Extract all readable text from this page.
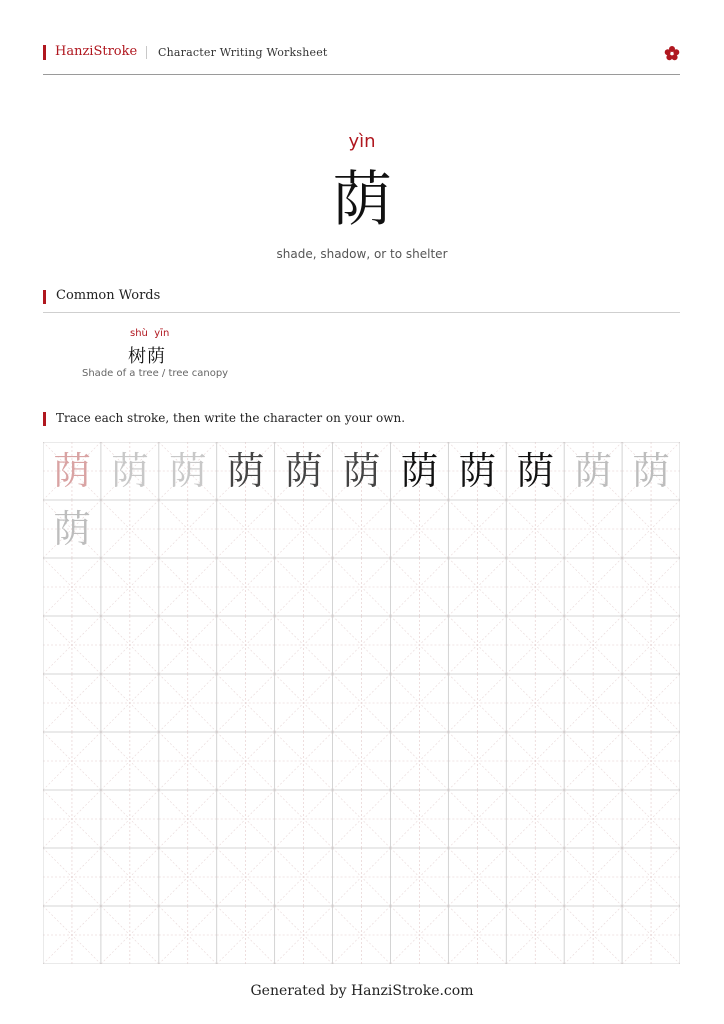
HanziStroke Character Writing Worksheet
yìn
荫
shade, shadow, or to shelter
Common Words
shù  yīn
树荫
Shade of a tree / tree canopy
Trace each stroke, then write the character on your own.
荫 荫 荫 荫 荫 荫 荫 荫 荫 荫 荫
荫
Generated by HanziStroke.com
